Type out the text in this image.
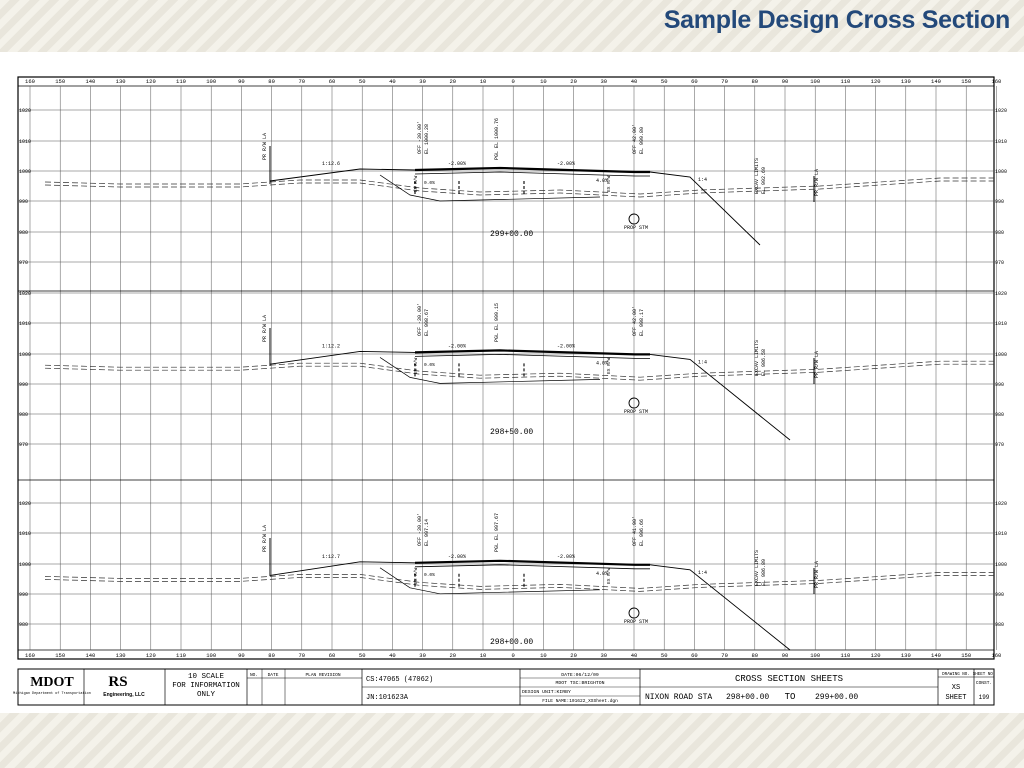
Sample Design Cross Section
160
160
150
150
140
140
130
130
120
120
110
110
100
100
90
90
80
80
70
70
60
60
50
50
40
40
30
30
20
20
10
10
0
0
10
10
20
20
30
30
40
40
50
50
60
60
70
70
80
80
90
90
100
100
110
110
120
120
130
130
140
140
150
150
160
160
1020	1020
1010	1010
1000	1000
990	990
980	980
970	970
1020	1020
1010	1010
1000	1000
990	990
980	980
970	970
1020	1020
1010	1010
1000	1000
990	990
980	980
299+00.00
PR R/W LA
PR R/W LA
OFF -30.00' EL 1000.28	PGL EL 1000.76	OFF 42.00' EL 999.80
EXCAV LIMITS EL 992.69
EX R/W 0.0%	EX R/W
-2.00%	-2.00%
4.0%
1:12.6
1:4
PROP STM
298+50.00
PR R/W LA
PR R/W LA
OFF -30.00' EL 998.67	PGL EL 999.15	OFF 42.00' EL 998.17
EXCAV LIMITS EL 986.58
EX R/W 0.0%	EX R/W
-2.00%	-2.00%
4.0%
1:12.2
1:4
PROP STM
298+00.00
PR R/W LA
PR R/W LA
OFF -30.00' EL 997.14	PGL EL 997.67	OFF 41.90' EL 996.66
EXCAV LIMITS EL 986.89
EX R/W 0.0%	EX R/W
-2.00%	-2.00%
4.0%
1:12.7
1:4
PROP STM
MDOT
Michigan Department of Transportation
RS
Engineering, LLC
10 SCALE
FOR INFORMATION
ONLY
NO. DATE	PLAN REVISION
CS:47065 (47062)
JN:101623A
DATE:06/12/09
MDOT TSC:BRIGHTON
DESIGN UNIT:KIRBY
FILE NAME:101622_XSSheet.dgn
CROSS SECTION SHEETS
NIXON ROAD STA 298+00.00 TO 299+00.00
DRAWING NO. SHEET NO.
XS
SHEET
CONST.
199
